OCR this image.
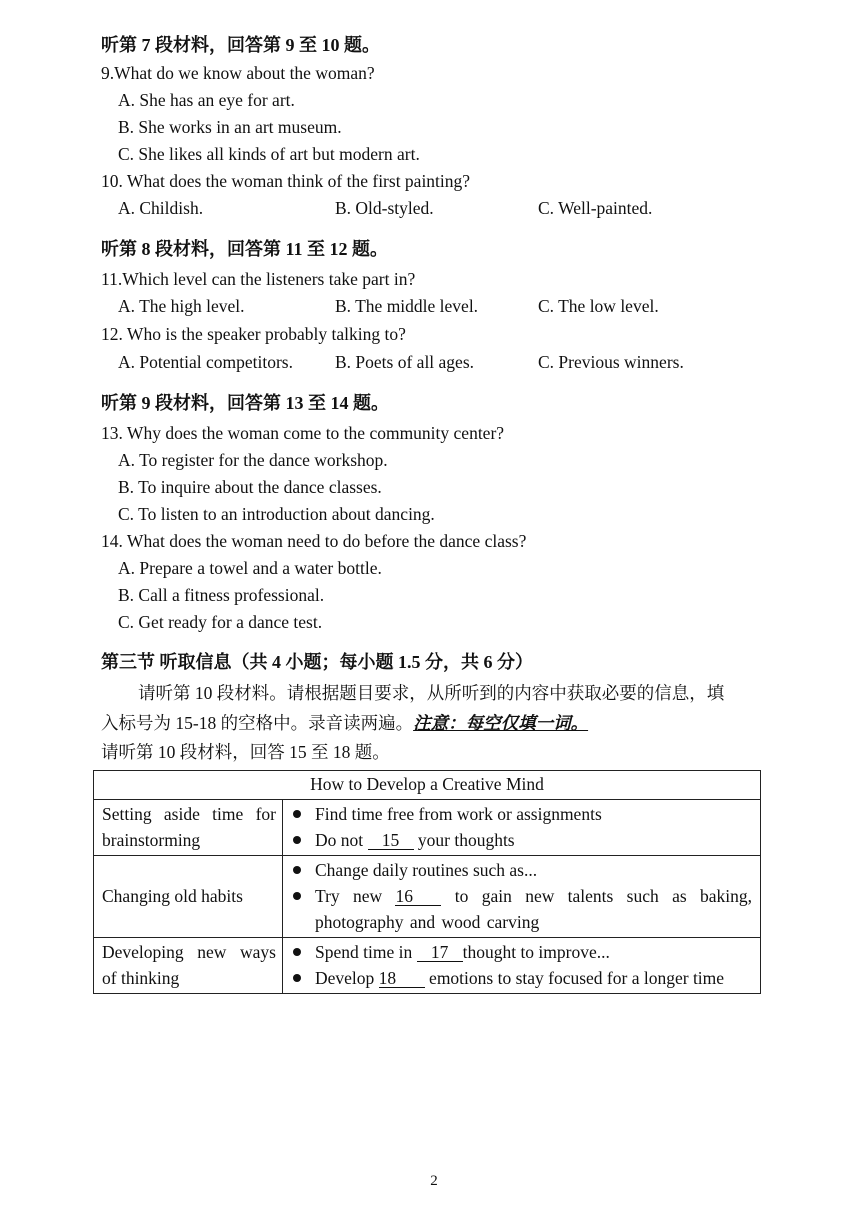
听第 7 段材料，回答第 9 至 10 题。
9.What do we know about the woman?
A. She has an eye for art.
B. She works in an art museum.
C. She likes all kinds of art but modern art.
10. What does the woman think of the first painting?
A. Childish.	B. Old-styled.	C. Well-painted.
听第 8 段材料，回答第 11 至 12 题。
11.Which level can the listeners take part in?
A. The high level.	B. The middle level.	C. The low level.
12. Who is the speaker probably talking to?
A. Potential competitors. B. Poets of all ages.	C. Previous winners.
听第 9 段材料，回答第 13 至 14 题。
13. Why does the woman come to the community center?
A. To register for the dance workshop.
B. To inquire about the dance classes.
C. To listen to an introduction about dancing.
14. What does the woman need to do before the dance class?
A. Prepare a towel and a water bottle.
B. Call a fitness professional.
C. Get ready for a dance test.
第三节 听取信息（共 4 小题；每小题 1.5 分，共 6 分）
请听第 10 段材料。请根据题目要求，从所听到的内容中获取必要的信息，填
入标号为 15-18 的空格中。录音读两遍。注意：每空仅填一词。
请听第 10 段材料，回答 15 至 18 题。
How to Develop a Creative Mind	

Setting aside time for brainstorming	Find time free from work or assignments
Do not 15 your thoughts

Changing old habits	Change daily routines such as...
Try new 16 to gain new talents such as baking, photography and wood carving

Developing new ways of thinking	Spend time in 17 thought to improve...
Develop 18 emotions to stay focused for a longer time
2
